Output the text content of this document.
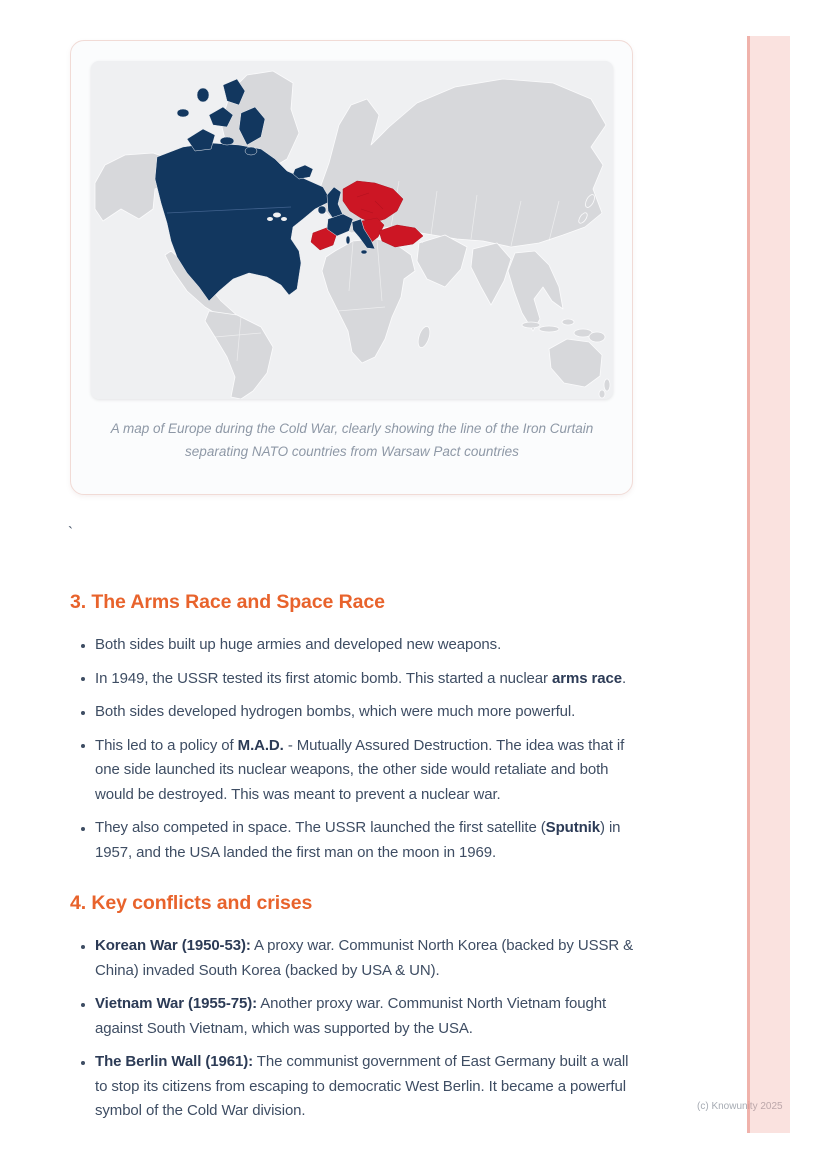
A map of Europe during the Cold War, clearly showing the line of the Iron Curtain separating NATO countries from Warsaw Pact countries
`
3. The Arms Race and Space Race
Both sides built up huge armies and developed new weapons.
In 1949, the USSR tested its first atomic bomb. This started a nuclear arms race.
Both sides developed hydrogen bombs, which were much more powerful.
This led to a policy of M.A.D. - Mutually Assured Destruction. The idea was that if one side launched its nuclear weapons, the other side would retaliate and both would be destroyed. This was meant to prevent a nuclear war.
They also competed in space. The USSR launched the first satellite (Sputnik) in 1957, and the USA landed the first man on the moon in 1969.
4. Key conflicts and crises
Korean War (1950-53): A proxy war. Communist North Korea (backed by USSR & China) invaded South Korea (backed by USA & UN).
Vietnam War (1955-75): Another proxy war. Communist North Vietnam fought against South Vietnam, which was supported by the USA.
The Berlin Wall (1961): The communist government of East Germany built a wall to stop its citizens from escaping to democratic West Berlin. It became a powerful symbol of the Cold War division.	(c) Knowunity 2025
